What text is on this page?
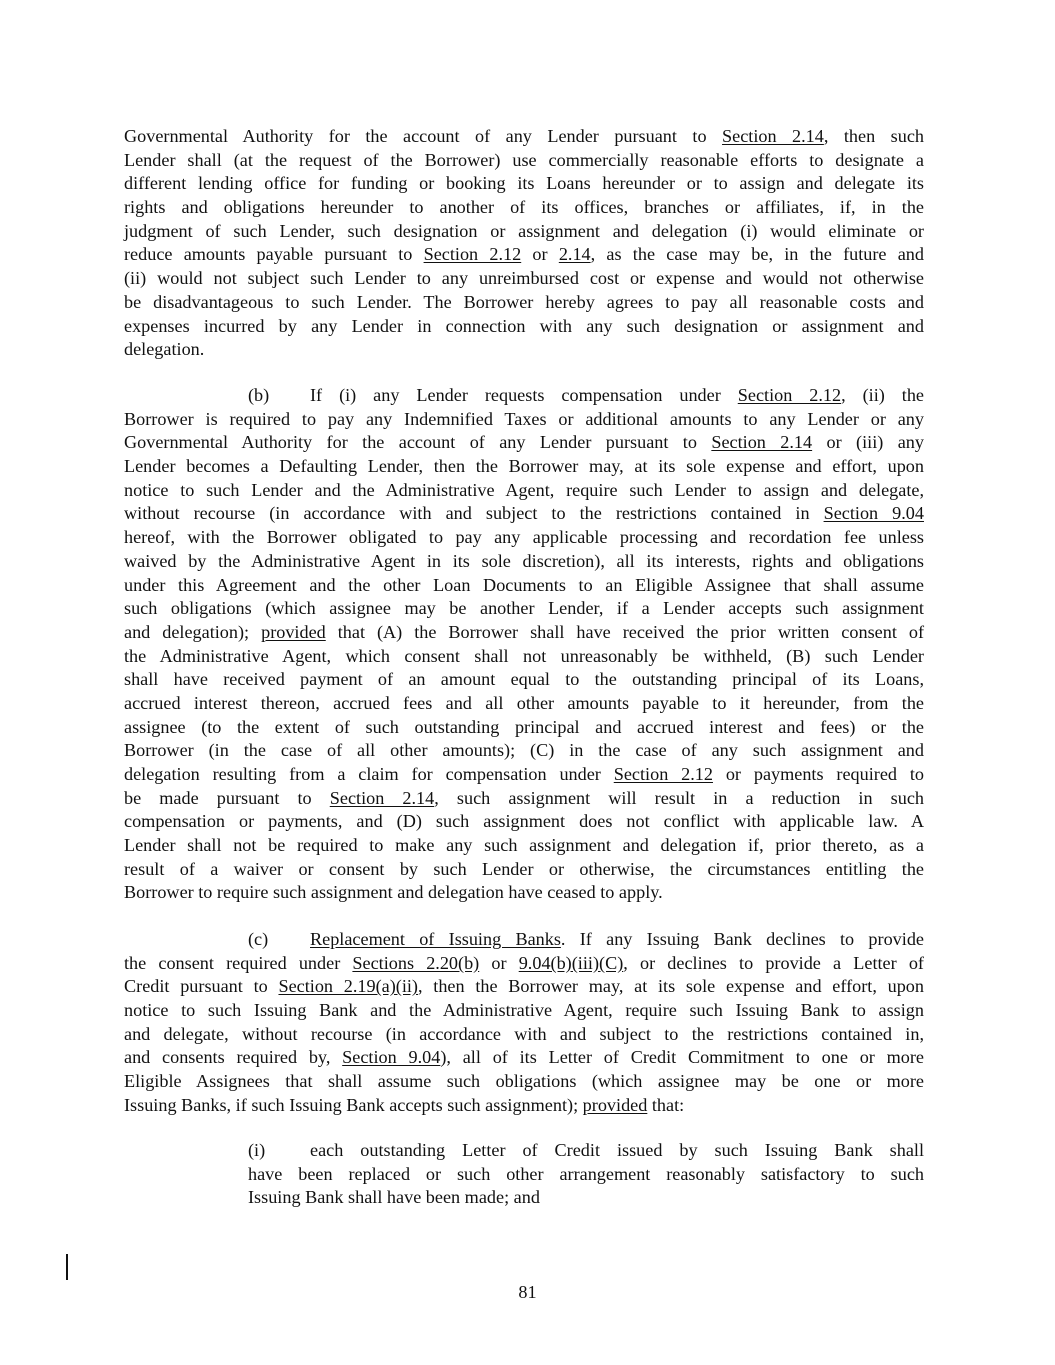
Governmental Authority for the account of any Lender pursuant to Section 2.14, then such
Lender shall (at the request of the Borrower) use commercially reasonable efforts to designate a
different lending office for funding or booking its Loans hereunder or to assign and delegate its
rights and obligations hereunder to another of its offices, branches or affiliates, if, in the
judgment of such Lender, such designation or assignment and delegation (i) would eliminate or
reduce amounts payable pursuant to Section 2.12 or 2.14, as the case may be, in the future and
(ii) would not subject such Lender to any unreimbursed cost or expense and would not otherwise
be disadvantageous to such Lender. The Borrower hereby agrees to pay all reasonable costs and
expenses incurred by any Lender in connection with any such designation or assignment and
delegation.
(b) If (i) any Lender requests compensation under Section 2.12, (ii) the
Borrower is required to pay any Indemnified Taxes or additional amounts to any Lender or any
Governmental Authority for the account of any Lender pursuant to Section 2.14 or (iii) any
Lender becomes a Defaulting Lender, then the Borrower may, at its sole expense and effort, upon
notice to such Lender and the Administrative Agent, require such Lender to assign and delegate,
without recourse (in accordance with and subject to the restrictions contained in Section 9.04
hereof, with the Borrower obligated to pay any applicable processing and recordation fee unless
waived by the Administrative Agent in its sole discretion), all its interests, rights and obligations
under this Agreement and the other Loan Documents to an Eligible Assignee that shall assume
such obligations (which assignee may be another Lender, if a Lender accepts such assignment
and delegation); provided that (A) the Borrower shall have received the prior written consent of
the Administrative Agent, which consent shall not unreasonably be withheld, (B) such Lender
shall have received payment of an amount equal to the outstanding principal of its Loans,
accrued interest thereon, accrued fees and all other amounts payable to it hereunder, from the
assignee (to the extent of such outstanding principal and accrued interest and fees) or the
Borrower (in the case of all other amounts); (C) in the case of any such assignment and
delegation resulting from a claim for compensation under Section 2.12 or payments required to
be made pursuant to Section 2.14, such assignment will result in a reduction in such
compensation or payments, and (D) such assignment does not conflict with applicable law. A
Lender shall not be required to make any such assignment and delegation if, prior thereto, as a
result of a waiver or consent by such Lender or otherwise, the circumstances entitling the
Borrower to require such assignment and delegation have ceased to apply.
(c) Replacement of Issuing Banks. If any Issuing Bank declines to provide
the consent required under Sections 2.20(b) or 9.04(b)(iii)(C), or declines to provide a Letter of
Credit pursuant to Section 2.19(a)(ii), then the Borrower may, at its sole expense and effort, upon
notice to such Issuing Bank and the Administrative Agent, require such Issuing Bank to assign
and delegate, without recourse (in accordance with and subject to the restrictions contained in,
and consents required by, Section 9.04), all of its Letter of Credit Commitment to one or more
Eligible Assignees that shall assume such obligations (which assignee may be one or more
Issuing Banks, if such Issuing Bank accepts such assignment); provided that:
(i) each outstanding Letter of Credit issued by such Issuing Bank shall
have been replaced or such other arrangement reasonably satisfactory to such
Issuing Bank shall have been made; and
81
